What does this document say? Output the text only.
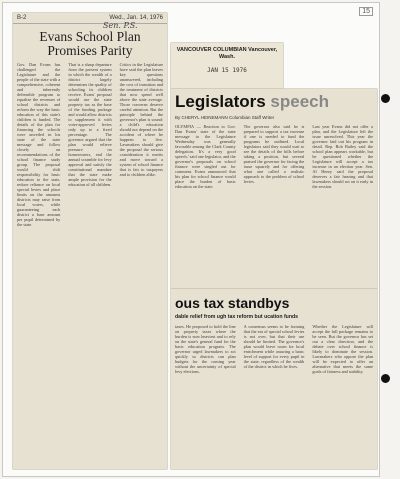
15
B-2	Wed., Jan. 14, 1976
Sen. P.S.
Evans School Plan Promises Parity
Gov. Dan Evans has challenged the Legislature and the people of the state with a comprehensive, coherent and inherently defensible program to equalize the revenues of school districts and reform the way the basic education of this state's children is funded. The details of the plan for financing the schools were unveiled in his state of the state message and follow closely on recommendations of the school finance study group. The proposal would shift responsibility for basic education to the state, reduce reliance on local special levies and place limits on the amounts districts may raise from local voters, while guaranteeing each district a base amount per pupil determined by the state.
That is a sharp departure from the present system in which the wealth of a district largely determines the quality of schooling its children receive. Evans' proposal would use the state property tax as the base of the funding package and would allow districts to supplement it with voter-approved levies only up to a fixed percentage. The governor argued that the plan would relieve pressure on homeowners, end the annual scramble for levy approval and satisfy the constitutional mandate that the state make ample provision for the education of all children.
Critics in the Legislature have said the plan leaves key questions unanswered, including the cost of transition and the treatment of districts that now spend well above the state average. Those concerns deserve careful attention. But the principle behind the governor's plan is sound: a child's education should not depend on the accident of where he happens to live. Lawmakers should give the proposal the serious consideration it merits and move toward a system of school finance that is fair to taxpayers and to children alike.
VANCOUVER COLUMBIAN Vancouver, Wash.
JAN 15 1976
Legislators speech
By CHERYL HEINEMANN Columbian Staff Writer
OLYMPIA — Reaction to Gov. Dan Evans' state of the state message to the Legislature Wednesday was generally favorable among the Clark County delegation. It's a very good speech,' said one legislator, and the governor's proposals on school finance were singled out for comment. Evans announced that his plan for school finance would place the burden of basic education on the state.
The governor also said he is prepared to support a tax increase if one is needed to fund the programs he outlined. Local legislators said they would wait to see the details of the bills before taking a position, but several praised the governor for facing the issue squarely and for offering what one called a realistic approach to the problem of school levies.
Last year Evans did not offer a plan, and the Legislature left the issue unresolved. This year the governor laid out his program in detail. Rep. Bob Bailey said the school plan appears workable, but he questioned whether the Legislature will accept a tax increase in an election year. Sen. Al Henry said the proposal deserves a fair hearing and that lawmakers should act on it early in the session.
ous tax standbys
dable relief from ugh tax reform but ucation funds
taxes. He proposed to hold the line on property taxes where the burden is now heaviest and to rely on the state's general fund for the basic education program. The governor urged lawmakers to act quickly so districts can plan budgets for the coming year without the uncertainty of special levy elections.
A consensus seems to be forming that the era of special school levies is not over, but that their use should be limited. The governor's plan would leave room for local enrichment while assuring a basic level of support for every pupil in the state, regardless of the wealth of the district in which he lives.
Whether the Legislature will accept the full package remains to be seen. But the governor has set out a clear direction, and the debate over school finance is likely to dominate the session. Lawmakers who oppose the plan will be expected to offer an alternative that meets the same goals of fairness and stability.
